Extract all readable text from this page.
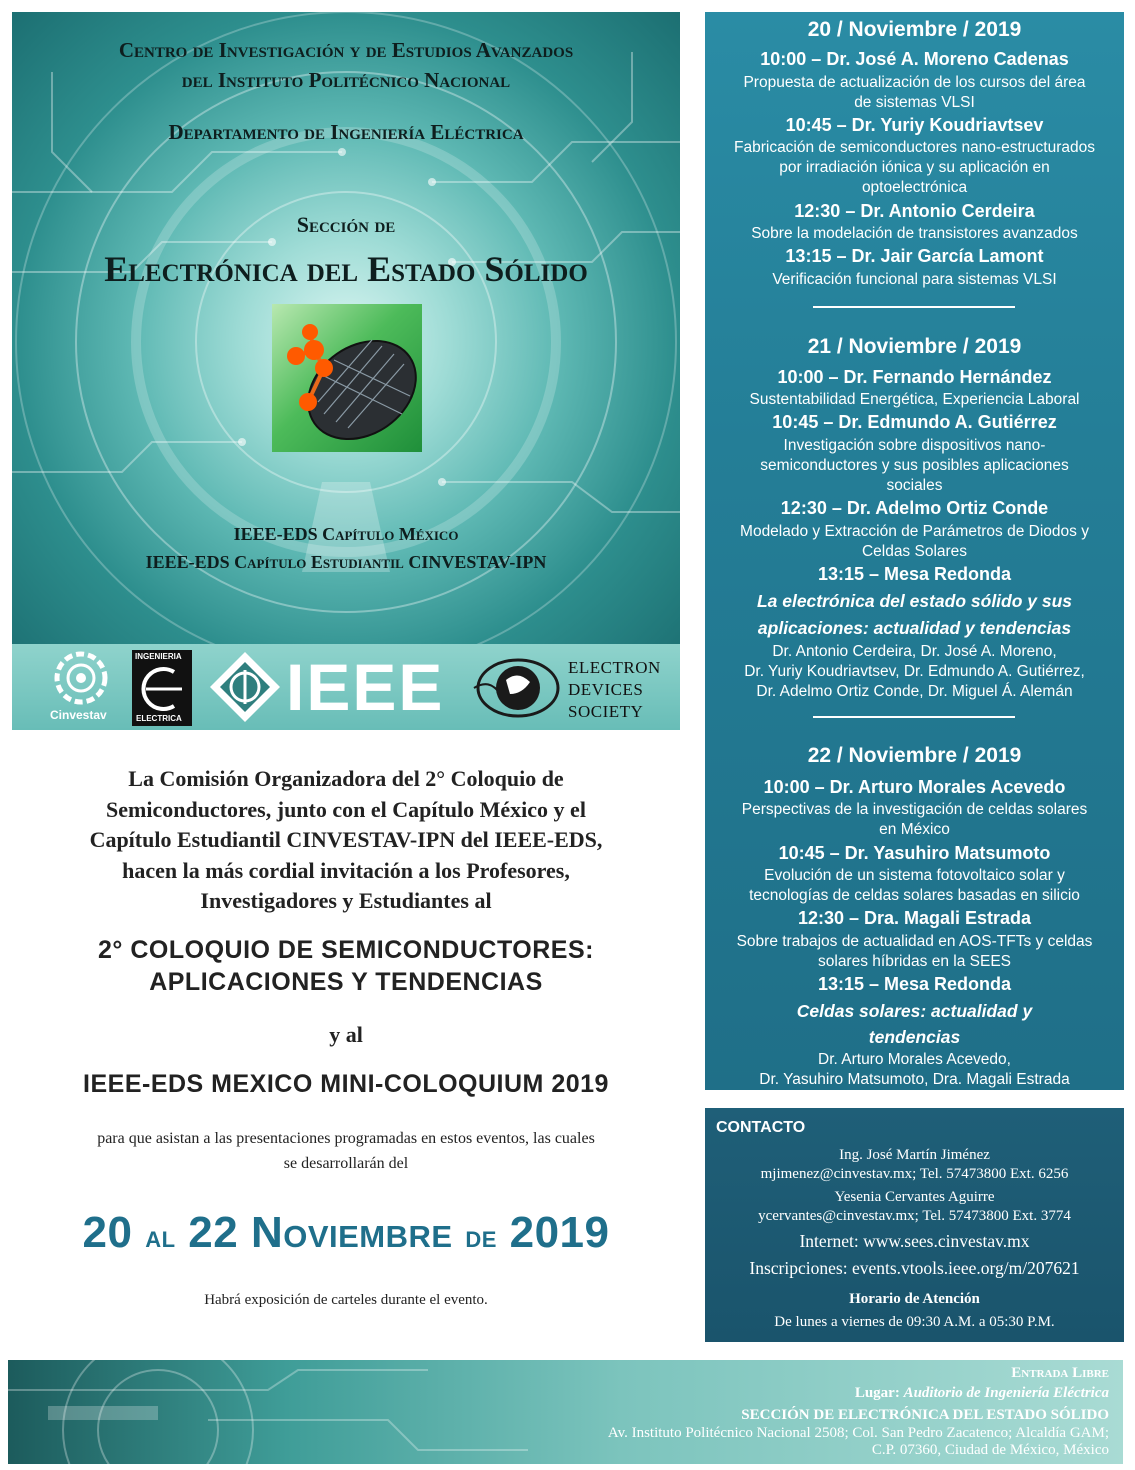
Centro de Investigación y de Estudios Avanzados
del Instituto Politécnico Nacional
Departamento de Ingeniería Eléctrica
Sección de
Electrónica del Estado Sólido
IEEE-EDS Capítulo México
IEEE-EDS Capítulo Estudiantil CINVESTAV-IPN
Cinvestav
INGENIERIA
ELECTRICA IEEE	ELECTRON
DEVICES
SOCIETY
La Comisión Organizadora del 2° Coloquio de
Semiconductores, junto con el Capítulo México y el
Capítulo Estudiantil CINVESTAV-IPN del IEEE-EDS,
hacen la más cordial invitación a los Profesores,
Investigadores y Estudiantes al
2° COLOQUIO DE SEMICONDUCTORES:
APLICACIONES Y TENDENCIAS
y al
IEEE-EDS MEXICO MINI-COLOQUIUM 2019
para que asistan a las presentaciones programadas en estos eventos, las cuales
se desarrollarán del
20 al 22 Noviembre de 2019
Habrá exposición de carteles durante el evento.
20 / Noviembre / 2019
10:00 – Dr. José A. Moreno Cadenas
Propuesta de actualización de los cursos del área
de sistemas VLSI
10:45 – Dr. Yuriy Koudriavtsev
Fabricación de semiconductores nano-estructurados
por irradiación iónica y su aplicación en
optoelectrónica
12:30 – Dr. Antonio Cerdeira
Sobre la modelación de transistores avanzados
13:15 – Dr. Jair García Lamont
Verificación funcional para sistemas VLSI
21 / Noviembre / 2019
10:00 – Dr. Fernando Hernández
Sustentabilidad Energética, Experiencia Laboral
10:45 – Dr. Edmundo A. Gutiérrez
Investigación sobre dispositivos nano-
semiconductores y sus posibles aplicaciones
sociales
12:30 – Dr. Adelmo Ortiz Conde
Modelado y Extracción de Parámetros de Diodos y
Celdas Solares
13:15 – Mesa Redonda
La electrónica del estado sólido y sus
aplicaciones: actualidad y tendencias
Dr. Antonio Cerdeira, Dr. José A. Moreno,
Dr. Yuriy Koudriavtsev, Dr. Edmundo A. Gutiérrez,
Dr. Adelmo Ortiz Conde, Dr. Miguel Á. Alemán
22 / Noviembre / 2019
10:00 – Dr. Arturo Morales Acevedo
Perspectivas de la investigación de celdas solares
en México
10:45 – Dr. Yasuhiro Matsumoto
Evolución de un sistema fotovoltaico solar y
tecnologías de celdas solares basadas en silicio
12:30 – Dra. Magali Estrada
Sobre trabajos de actualidad en AOS-TFTs y celdas
solares híbridas en la SEES
13:15 – Mesa Redonda
Celdas solares: actualidad y
tendencias
Dr. Arturo Morales Acevedo,
Dr. Yasuhiro Matsumoto, Dra. Magali Estrada
CONTACTO
Ing. José Martín Jiménez
mjimenez@cinvestav.mx; Tel. 57473800 Ext. 6256
Yesenia Cervantes Aguirre
ycervantes@cinvestav.mx; Tel. 57473800 Ext. 3774
Internet: www.sees.cinvestav.mx
Inscripciones: events.vtools.ieee.org/m/207621
Horario de Atención
De lunes a viernes de 09:30 A.M. a 05:30 P.M.
Entrada Libre
Lugar: Auditorio de Ingeniería Eléctrica
SECCIÓN DE ELECTRÓNICA DEL ESTADO SÓLIDO
Av. Instituto Politécnico Nacional 2508; Col. San Pedro Zacatenco; Alcaldía GAM;
C.P. 07360, Ciudad de México, México
